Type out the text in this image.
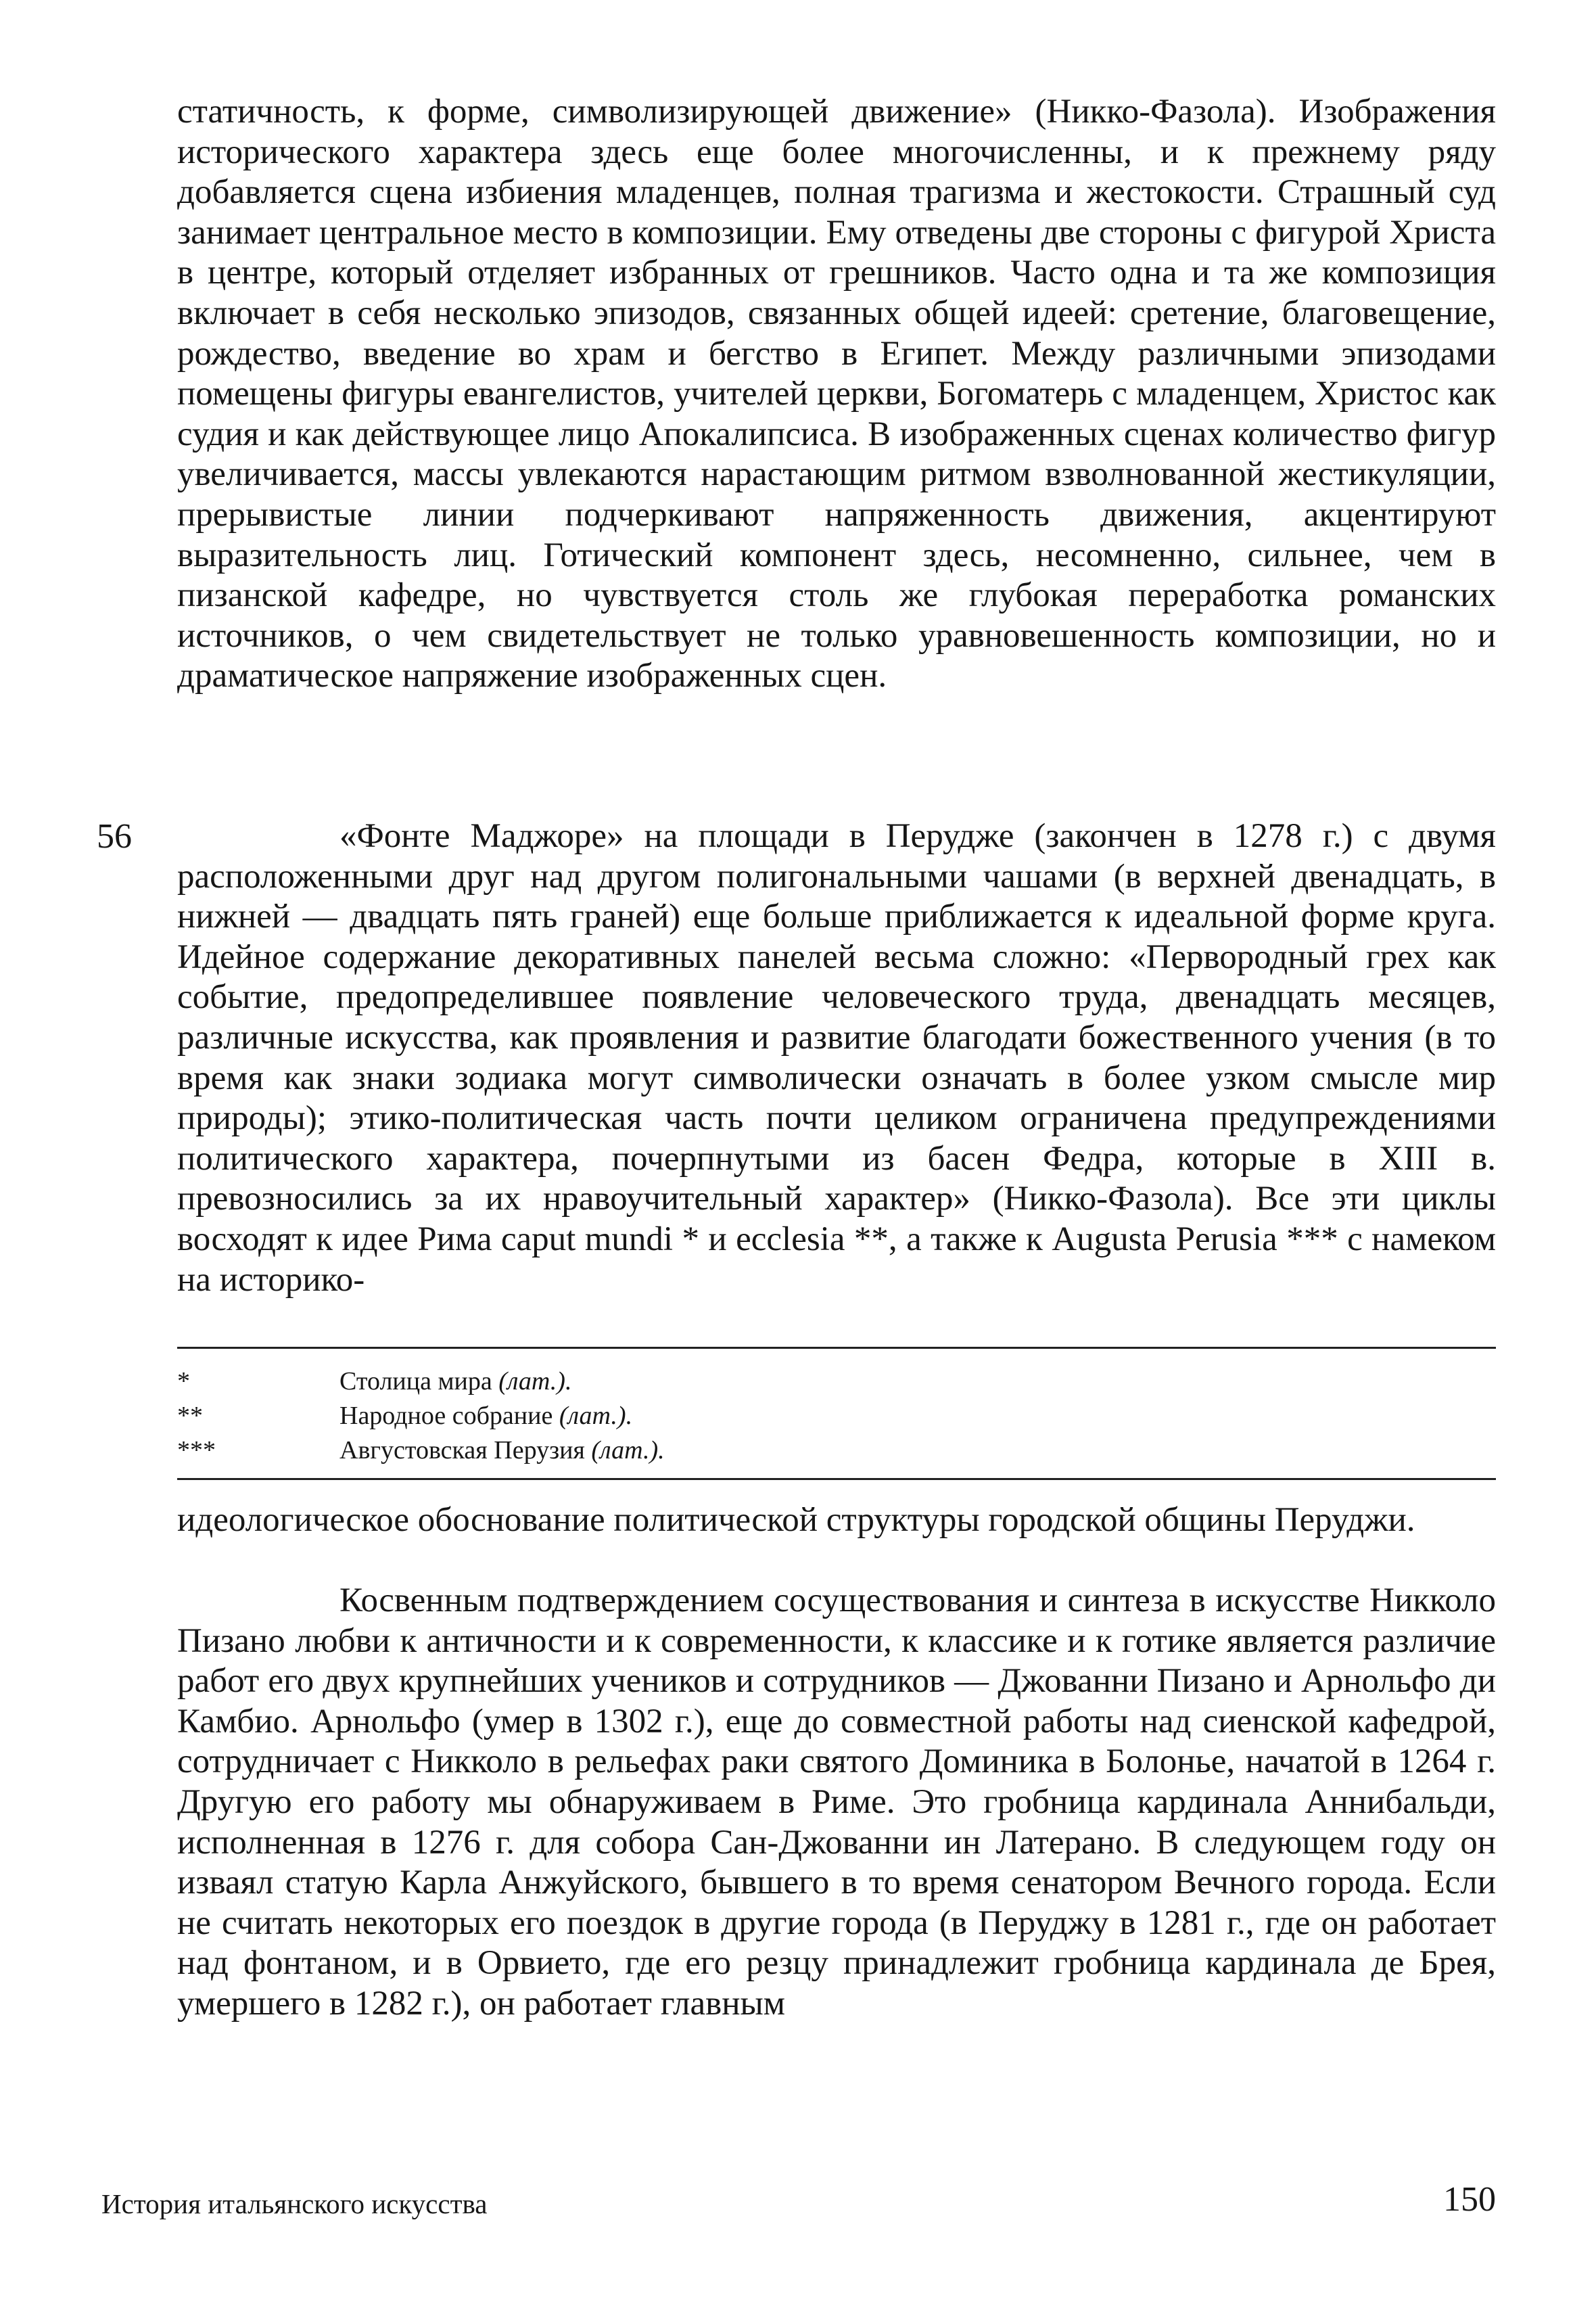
статичность, к форме, символизирующей движение» (Никко-Фазола). Изображения исторического характера здесь еще более многочисленны, и к прежнему ряду добавляется сцена избиения младенцев, полная трагизма и жестокости. Страшный суд занимает центральное место в композиции. Ему отведены две стороны с фигурой Христа в центре, который отделяет избранных от грешников. Часто одна и та же композиция включает в себя несколько эпизодов, связанных общей идеей: сретение, благовещение, рождество, введение во храм и бегство в Египет. Между различными эпизодами помещены фигуры евангелистов, учителей церкви, Богоматерь с младенцем, Христос как судия и как действующее лицо Апокалипсиса. В изображенных сценах количество фигур увеличивается, массы увлекаются нарастающим ритмом взволнованной жестикуляции, прерывистые линии подчеркивают напряженность движения, акцентируют выразительность лиц. Готический компонент здесь, несомненно, сильнее, чем в пизанской кафедре, но чувствуется столь же глубокая переработка романских источников, о чем свидетельствует не только уравновешенность композиции, но и драматическое напряжение изображенных сцен.

56	«Фонте Маджоре» на площади в Перудже (закончен в 1278 г.) с двумя расположенными друг над другом полигональными чашами (в верхней двенадцать, в нижней — двадцать пять граней) еще больше приближается к идеальной форме круга. Идейное содержание декоративных панелей весьма сложно: «Первородный грех как событие, предопределившее появление человеческого труда, двенадцать месяцев, различные искусства, как проявления и развитие благодати божественного учения (в то время как знаки зодиака могут символически означать в более узком смысле мир природы); этико-политическая часть почти целиком ограничена предупреждениями политического характера, почерпнутыми из басен Федра, которые в XIII в. превозносились за их нравоучительный характер» (Никко-Фазола). Все эти циклы восходят к идее Рима caput mundi * и ecclesia **, а также к Augusta Perusia *** с намеком на историко-

*	Столица мира (лат.).
**	Народное собрание (лат.).
***	Августовская Перузия (лат.).

идеологическое обоснование политической структуры городской общины Перуджи.

Косвенным подтверждением сосуществования и синтеза в искусстве Никколо Пизано любви к античности и к современности, к классике и к готике является различие работ его двух крупнейших учеников и сотрудников — Джованни Пизано и Арнольфо ди Камбио. Арнольфо (умер в 1302 г.), еще до совместной работы над сиенской кафедрой, сотрудничает с Никколо в рельефах раки святого Доминика в Болонье, начатой в 1264 г. Другую его работу мы обнаруживаем в Риме. Это гробница кардинала Аннибальди, исполненная в 1276 г. для собора Сан-Джованни ин Латерано. В следующем году он изваял статую Карла Анжуйского, бывшего в то время сенатором Вечного города. Если не считать некоторых его поездок в другие города (в Перуджу в 1281 г., где он работает над фонтаном, и в Орвието, где его резцу принадлежит гробница кардинала де Брея, умершего в 1282 г.), он работает главным

История итальянского искусства	150
